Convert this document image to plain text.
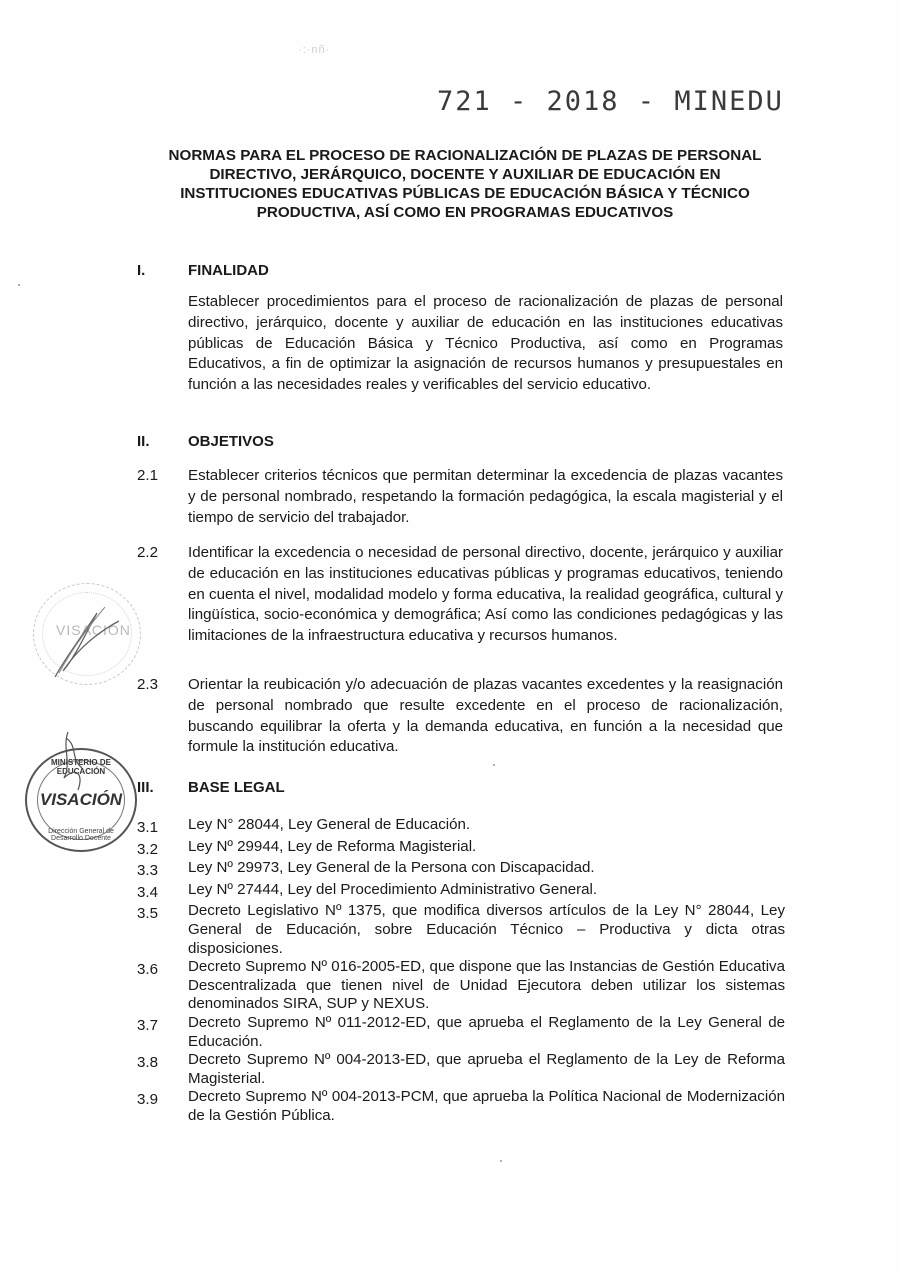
·:·nñ·
721 - 2018 - MINEDU
NORMAS PARA EL PROCESO DE RACIONALIZACIÓN DE PLAZAS DE PERSONAL DIRECTIVO, JERÁRQUICO, DOCENTE Y AUXILIAR DE EDUCACIÓN EN INSTITUCIONES EDUCATIVAS PÚBLICAS DE EDUCACIÓN BÁSICA Y TÉCNICO PRODUCTIVA, ASÍ COMO EN PROGRAMAS EDUCATIVOS
I.	FINALIDAD
Establecer procedimientos para el proceso de racionalización de plazas de personal directivo, jerárquico, docente y auxiliar de educación en las instituciones educativas públicas de Educación Básica y Técnico Productiva, así como en Programas Educativos, a fin de optimizar la asignación de recursos humanos y presupuestales en función a las necesidades reales y verificables del servicio educativo.
II.	OBJETIVOS
2.1 Establecer criterios técnicos que permitan determinar la excedencia de plazas vacantes y de personal nombrado, respetando la formación pedagógica, la escala magisterial y el tiempo de servicio del trabajador.
2.2 Identificar la excedencia o necesidad de personal directivo, docente, jerárquico y auxiliar de educación en las instituciones educativas públicas y programas educativos, teniendo en cuenta el nivel, modalidad modelo y forma educativa, la realidad geográfica, cultural y lingüística, socio-económica y demográfica; Así como las condiciones pedagógicas y las limitaciones de la infraestructura educativa y recursos humanos.
2.3 Orientar la reubicación y/o adecuación de plazas vacantes excedentes y la reasignación de personal nombrado que resulte excedente en el proceso de racionalización, buscando equilibrar la oferta y la demanda educativa, en función a la necesidad que formule la institución educativa.
III. BASE LEGAL
3.1	Ley N° 28044, Ley General de Educación.
3.2	Ley Nº 29944, Ley de Reforma Magisterial.
3.3	Ley Nº 29973, Ley General de la Persona con Discapacidad.
3.4	Ley Nº 27444, Ley del Procedimiento Administrativo General.
3.5	Decreto Legislativo Nº 1375, que modifica diversos artículos de la Ley N° 28044, Ley General de Educación, sobre Educación Técnico – Productiva y dicta otras disposiciones.
3.6	Decreto Supremo Nº 016-2005-ED, que dispone que las Instancias de Gestión Educativa Descentralizada que tienen nivel de Unidad Ejecutora deben utilizar los sistemas denominados SIRA, SUP y NEXUS.
3.7	Decreto Supremo Nº 011-2012-ED, que aprueba el Reglamento de la Ley General de Educación.
3.8	Decreto Supremo Nº 004-2013-ED, que aprueba el Reglamento de la Ley de Reforma Magisterial.
3.9	Decreto Supremo Nº 004-2013-PCM, que aprueba la Política Nacional de Modernización de la Gestión Pública.
VISACIÓN
MINISTERIO DE EDUCACIÓN
VISACIÓN
Dirección General de Desarrollo Docente
